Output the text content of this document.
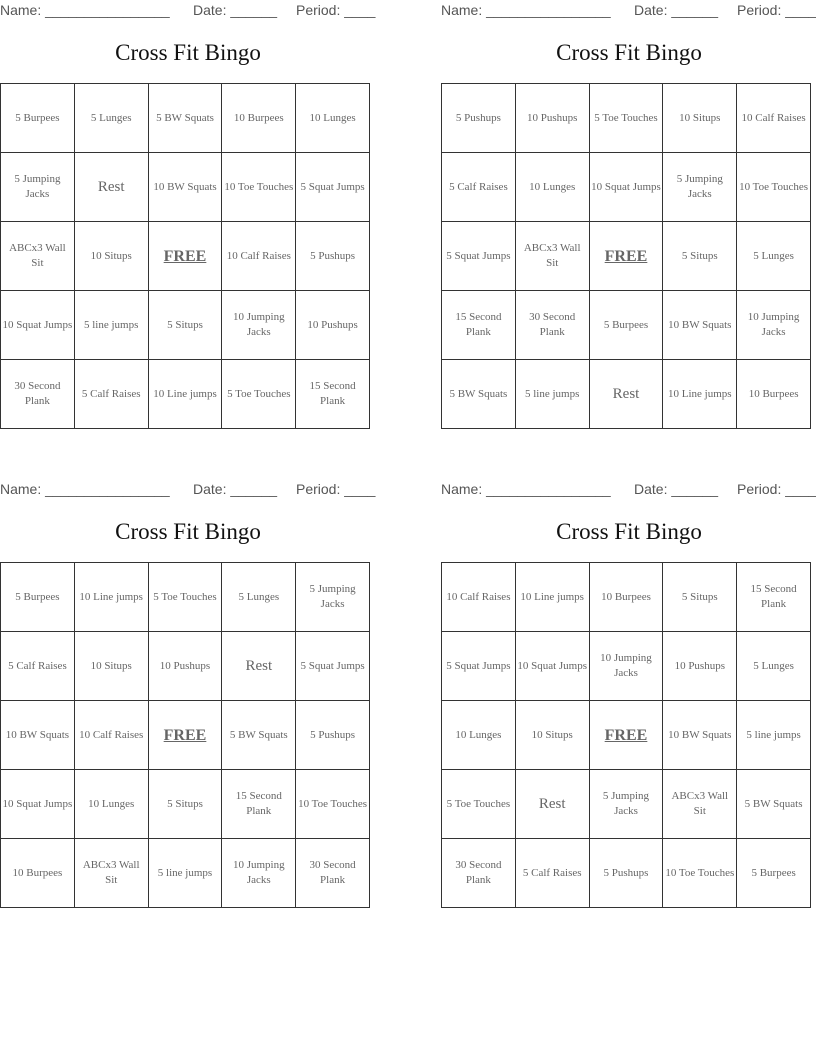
Name: ________________

Date: ______

Period: ____

Cross Fit Bingo
5 Burpees	5 Lunges	5 BW Squats	10 Burpees	10 Lunges
5 Jumping Jacks	Rest	10 BW Squats	10 Toe Touches	5 Squat Jumps
ABCx3 Wall Sit	10 Situps	FREE	10 Calf Raises	5 Pushups
10 Squat Jumps	5 line jumps	5 Situps	10 Jumping Jacks	10 Pushups
30 Second Plank	5 Calf Raises	10 Line jumps	5 Toe Touches	15 Second Plank

Name: ________________

Date: ______

Period: ____

Cross Fit Bingo
5 Pushups	10 Pushups	5 Toe Touches	10 Situps	10 Calf Raises
5 Calf Raises	10 Lunges	10 Squat Jumps	5 Jumping Jacks	10 Toe Touches
5 Squat Jumps	ABCx3 Wall Sit	FREE	5 Situps	5 Lunges
15 Second Plank	30 Second Plank	5 Burpees	10 BW Squats	10 Jumping Jacks
5 BW Squats	5 line jumps	Rest	10 Line jumps	10 Burpees

Name: ________________

Date: ______

Period: ____

Cross Fit Bingo
5 Burpees	10 Line jumps	5 Toe Touches	5 Lunges	5 Jumping Jacks
5 Calf Raises	10 Situps	10 Pushups	Rest	5 Squat Jumps
10 BW Squats	10 Calf Raises	FREE	5 BW Squats	5 Pushups
10 Squat Jumps	10 Lunges	5 Situps	15 Second Plank	10 Toe Touches
10 Burpees	ABCx3 Wall Sit	5 line jumps	10 Jumping Jacks	30 Second Plank

Name: ________________

Date: ______

Period: ____

Cross Fit Bingo
10 Calf Raises	10 Line jumps	10 Burpees	5 Situps	15 Second Plank
5 Squat Jumps	10 Squat Jumps	10 Jumping Jacks	10 Pushups	5 Lunges
10 Lunges	10 Situps	FREE	10 BW Squats	5 line jumps
5 Toe Touches	Rest	5 Jumping Jacks	ABCx3 Wall Sit	5 BW Squats
30 Second Plank	5 Calf Raises	5 Pushups	10 Toe Touches	5 Burpees
